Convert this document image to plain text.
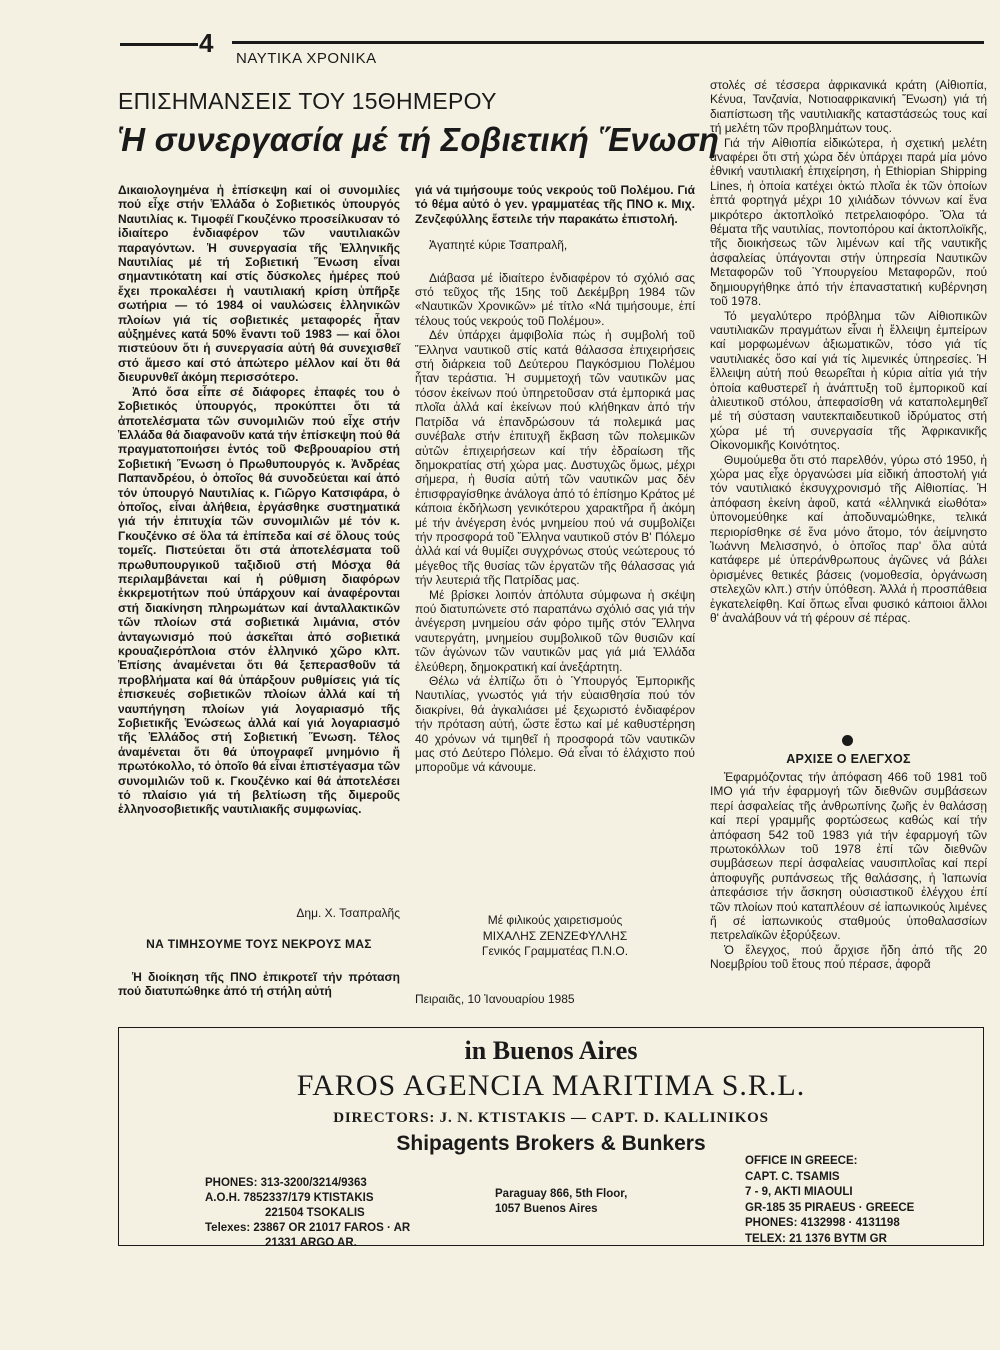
4
ΝΑΥΤΙΚΑ ΧΡΟΝΙΚΑ
ΕΠΙΣΗΜΑΝΣΕΙΣ ΤΟΥ 15ΘΗΜΕΡΟΥ
Ἡ συνεργασία μέ τή Σοβιετική Ἕνωση

Δικαιολογημένα ἡ ἐπίσκεψη καί οἱ συνομιλίες πού εἶχε στήν Ἑλλάδα ὁ Σοβιετικός ὑπουργός Ναυτιλίας κ. Τιμοφέϊ Γκουζένκο προσείλκυσαν τό ἰδιαίτερο ἐνδιαφέρον τῶν ναυτιλιακῶν παραγόντων. Ἡ συνεργασία τῆς Ἑλληνικῆς Ναυτιλίας μέ τή Σοβιετική Ἕνωση εἶναι σημαντικότατη καί στίς δύσκολες ἡμέρες πού ἔχει προκαλέσει ἡ ναυτιλιακή κρίση ὑπῆρξε σωτήρια — τό 1984 οἱ ναυλώσεις ἑλληνικῶν πλοίων γιά τίς σοβιετικές μεταφορές ἦταν αὐξημένες κατά 50% ἔναντι τοῦ 1983 — καί ὅλοι πιστεύουν ὅτι ἡ συνεργασία αὐτή θά συνεχισθεῖ στό ἄμεσο καί στό ἀπώτερο μέλλον καί ὅτι θά διευρυνθεῖ ἀκόμη περισσότερο.

Ἀπό ὅσα εἶπε σέ διάφορες ἐπαφές του ὁ Σοβιετικός ὑπουργός, προκύπτει ὅτι τά ἀποτελέσματα τῶν συνομιλιῶν πού εἶχε στήν Ἑλλάδα θά διαφανοῦν κατά τήν ἐπίσκεψη πού θά πραγματοποιήσει ἐντός τοῦ Φεβρουαρίου στή Σοβιετική Ἕνωση ὁ Πρωθυπουργός κ. Ἀνδρέας Παπανδρέου, ὁ ὁποῖος θά συνοδεύεται καί ἀπό τόν ὑπουργό Ναυτιλίας κ. Γιῶργο Κατσιφάρα, ὁ ὁποῖος, εἶναι ἀλήθεια, ἐργάσθηκε συστηματικά γιά τήν ἐπιτυχία τῶν συνομιλιῶν μέ τόν κ. Γκουζένκο σέ ὅλα τά ἐπίπεδα καί σέ ὅλους τούς τομεῖς. Πιστεύεται ὅτι στά ἀποτελέσματα τοῦ πρωθυπουργικοῦ ταξιδιοῦ στή Μόσχα θά περιλαμβάνεται καί ἡ ρύθμιση διαφόρων ἐκκρεμοτήτων πού ὑπάρχουν καί ἀναφέρονται στή διακίνηση πληρωμάτων καί ἀνταλλακτικῶν τῶν πλοίων στά σοβιετικά λιμάνια, στόν ἀνταγωνισμό πού ἀσκεῖται ἀπό σοβιετικά κρουαζιερόπλοια στόν ἑλληνικό χῶρο κλπ. Ἐπίσης ἀναμένεται ὅτι θά ξεπερασθοῦν τά προβλήματα καί θά ὑπάρξουν ρυθμίσεις γιά τίς ἐπισκευές σοβιετικῶν πλοίων ἀλλά καί τή ναυπήγηση πλοίων γιά λογαριασμό τῆς Σοβιετικῆς Ἑνώσεως ἀλλά καί γιά λογαριασμό τῆς Ἑλλάδος στή Σοβιετική Ἕνωση. Τέλος ἀναμένεται ὅτι θά ὑπογραφεῖ μνημόνιο ἤ πρωτόκολλο, τό ὁποῖο θά εἶναι ἐπιστέγασμα τῶν συνομιλιῶν τοῦ κ. Γκουζένκο καί θά ἀποτελέσει τό πλαίσιο γιά τή βελτίωση τῆς διμεροῦς ἑλληνοσοβιετικῆς ναυτιλιακῆς συμφωνίας.

Δημ. Χ. Τσαπραλῆς
ΝΑ ΤΙΜΗΣΟΥΜΕ ΤΟΥΣ ΝΕΚΡΟΥΣ ΜΑΣ

Ἡ διοίκηση τῆς ΠΝΟ ἐπικροτεῖ τήν πρόταση πού διατυπώθηκε ἀπό τή στήλη αὐτή

γιά νά τιμήσουμε τούς νεκρούς τοῦ Πολέμου. Γιά τό θέμα αὐτό ὁ γεν. γραμματέας τῆς ΠΝΟ κ. Μιχ. Ζενζεφύλλης ἔστειλε τήν παρακάτω ἐπιστολή.

Ἀγαπητέ κύριε Τσαπραλῆ,

Διάβασα μέ ἰδιαίτερο ἐνδιαφέρον τό σχόλιό σας στό τεῦχος τῆς 15ης τοῦ Δεκέμβρη 1984 τῶν «Ναυτικῶν Χρονικῶν» μέ τίτλο «Νά τιμήσουμε, ἐπί τέλους τούς νεκρούς τοῦ Πολέμου».

Δέν ὑπάρχει ἀμφιβολία πώς ἡ συμβολή τοῦ Ἕλληνα ναυτικοῦ στίς κατά θάλασσα ἐπιχειρήσεις στή διάρκεια τοῦ Δεύτερου Παγκόσμιου Πολέμου ἦταν τεράστια. Ἡ συμμετοχή τῶν ναυτικῶν μας τόσον ἐκείνων πού ὑπηρετοῦσαν στά ἐμπορικά μας πλοῖα ἀλλά καί ἐκείνων πού κλήθηκαν ἀπό τήν Πατρίδα νά ἐπανδρώσουν τά πολεμικά μας συνέβαλε στήν ἐπιτυχῆ ἔκβαση τῶν πολεμικῶν αὐτῶν ἐπιχειρήσεων καί τήν ἑδραίωση τῆς δημοκρατίας στή χώρα μας. Δυστυχῶς ὅμως, μέχρι σήμερα, ἡ θυσία αὐτή τῶν ναυτικῶν μας δέν ἐπισφραγίσθηκε ἀνάλογα ἀπό τό ἐπίσημο Κράτος μέ κάποια ἐκδήλωση γενικότερου χαρακτῆρα ἤ ἀκόμη μέ τήν ἀνέγερση ἑνός μνημείου πού νά συμβολίζει τήν προσφορά τοῦ Ἕλληνα ναυτικοῦ στόν Β' Πόλεμο ἀλλά καί νά θυμίζει συγχρόνως στούς νεώτερους τό μέγεθος τῆς θυσίας τῶν ἐργατῶν τῆς θάλασσας γιά τήν λευτεριά τῆς Πατρίδας μας.

Μέ βρίσκει λοιπόν ἀπόλυτα σύμφωνα ἡ σκέψη πού διατυπώνετε στό παραπάνω σχόλιό σας γιά τήν ἀνέγερση μνημείου σάν φόρο τιμῆς στόν Ἕλληνα ναυτεργάτη, μνημείου συμβολικοῦ τῶν θυσιῶν καί τῶν ἀγώνων τῶν ναυτικῶν μας γιά μιά Ἑλλάδα ἐλεύθερη, δημοκρατική καί ἀνεξάρτητη.

Θέλω νά ἐλπίζω ὅτι ὁ Ὑπουργός Ἐμπορικῆς Ναυτιλίας, γνωστός γιά τήν εὐαισθησία πού τόν διακρίνει, θά ἀγκαλιάσει μέ ξεχωριστό ἐνδιαφέρον τήν πρόταση αὐτή, ὥστε ἔστω καί μέ καθυστέρηση 40 χρόνων νά τιμηθεῖ ἡ προσφορά τῶν ναυτικῶν μας στό Δεύτερο Πόλεμο. Θά εἶναι τό ἐλάχιστο πού μποροῦμε νά κάνουμε.

Μέ φιλικούς χαιρετισμούς
ΜΙΧΑΛΗΣ ΖΕΝΖΕΦΥΛΛΗΣ
Γενικός Γραμματέας Π.Ν.Ο.
Πειραιᾶς, 10 Ἰανουαρίου 1985

στολές σέ τέσσερα ἀφρικανικά κράτη (Αἰθιοπία, Κένυα, Τανζανία, Νοτιοαφρικανική Ἕνωση) γιά τή διαπίστωση τῆς ναυτιλιακῆς καταστάσεώς τους καί τή μελέτη τῶν προβλημάτων τους.

Γιά τήν Αἰθιοπία εἰδικώτερα, ἡ σχετική μελέτη ἀναφέρει ὅτι στή χώρα δέν ὑπάρχει παρά μία μόνο ἐθνική ναυτιλιακή ἐπιχείρηση, ἡ Ethiopian Shipping Lines, ἡ ὁποία κατέχει ὀκτώ πλοῖα ἐκ τῶν ὁποίων ἑπτά φορτηγά μέχρι 10 χιλιάδων τόννων καί ἕνα μικρότερο ἀκτοπλοϊκό πετρελαιοφόρο. Ὅλα τά θέματα τῆς ναυτιλίας, ποντοπόρου καί ἀκτοπλοϊκῆς, τῆς διοικήσεως τῶν λιμένων καί τῆς ναυτικῆς ἀσφαλείας ὑπάγονται στήν ὑπηρεσία Ναυτικῶν Μεταφορῶν τοῦ Ὑπουργείου Μεταφορῶν, πού δημιουργήθηκε ἀπό τήν ἐπαναστατική κυβέρνηση τοῦ 1978.

Τό μεγαλύτερο πρόβλημα τῶν Αἰθιοπικῶν ναυτιλιακῶν πραγμάτων εἶναι ἡ ἔλλειψη ἐμπείρων καί μορφωμένων ἀξιωματικῶν, τόσο γιά τίς ναυτιλιακές ὅσο καί γιά τίς λιμενικές ὑπηρεσίες. Ἡ ἔλλειψη αὐτή πού θεωρεῖται ἡ κύρια αἰτία γιά τήν ὁποία καθυστερεῖ ἡ ἀνάπτυξη τοῦ ἐμπορικοῦ καί ἁλιευτικοῦ στόλου, ἀπεφασίσθη νά καταπολεμηθεῖ μέ τή σύσταση ναυτεκπαιδευτικοῦ ἱδρύματος στή χώρα μέ τή συνεργασία τῆς Ἀφρικανικῆς Οἰκονομικῆς Κοινότητος.

Θυμούμεθα ὅτι στό παρελθόν, γύρω στό 1950, ἡ χώρα μας εἶχε ὀργανώσει μία εἰδική ἀποστολή γιά τόν ναυτιλιακό ἐκσυγχρονισμό τῆς Αἰθιοπίας. Ἡ ἀπόφαση ἐκείνη ἀφοῦ, κατά «ἑλληνικά εἰωθότα» ὑπονομεύθηκε καί ἀποδυναμώθηκε, τελικά περιορίσθηκε σέ ἕνα μόνο ἄτομο, τόν ἀείμνηστο Ἰωάννη Μελισσηνό, ὁ ὁποῖος παρ' ὅλα αὐτά κατάφερε μέ ὑπεράνθρωπους ἀγῶνες νά βάλει ὁρισμένες θετικές βάσεις (νομοθεσία, ὀργάνωση στελεχῶν κλπ.) στήν ὑπόθεση. Ἀλλά ἡ προσπάθεια ἐγκατελείφθη. Καί ὅπως εἶναι φυσικό κάποιοι ἄλλοι θ' ἀναλάβουν νά τή φέρουν σέ πέρας.

ΑΡΧΙΣΕ Ο ΕΛΕΓΧΟΣ

Ἐφαρμόζοντας τήν ἀπόφαση 466 τοῦ 1981 τοῦ ΙΜΟ γιά τήν ἐφαρμογή τῶν διεθνῶν συμβάσεων περί ἀσφαλείας τῆς ἀνθρωπίνης ζωῆς ἐν θαλάσσῃ καί περί γραμμῆς φορτώσεως καθώς καί τήν ἀπόφαση 542 τοῦ 1983 γιά τήν ἐφαρμογή τῶν πρωτοκόλλων τοῦ 1978 ἐπί τῶν διεθνῶν συμβάσεων περί ἀσφαλείας ναυσιπλοΐας καί περί ἀποφυγῆς ρυπάνσεως τῆς θαλάσσης, ἡ Ἰαπωνία ἀπεφάσισε τήν ἄσκηση οὐσιαστικοῦ ἐλέγχου ἐπί τῶν πλοίων πού καταπλέουν σέ ἰαπωνικούς λιμένες ἤ σέ ἰαπωνικούς σταθμούς ὑποθαλασσίων πετρελαϊκῶν ἐξορύξεων.

Ὁ ἔλεγχος, πού ἄρχισε ἤδη ἀπό τῆς 20 Νοεμβρίου τοῦ ἔτους πού πέρασε, ἀφορᾶ

in Buenos Aires
FAROS AGENCIA MARITIMA S.R.L.
DIRECTORS: J. N. KTISTAKIS — CAPT. D. KALLINIKOS
Shipagents Brokers & Bunkers
PHONES: 313-3200/3214/9363
A.O.H. 7852337/179 KTISTAKIS
221504 TSOKALIS
Telexes: 23867 OR 21017 FAROS · AR
21331 ARGO AR.
Paraguay 866, 5th Floor,
1057 Buenos Aires
OFFICE IN GREECE:
CAPT. C. TSAMIS
7 - 9, AKTI MIAOULI
GR-185 35 PIRAEUS · GREECE
PHONES: 4132998 · 4131198
TELEX: 21 1376 BYTM GR
